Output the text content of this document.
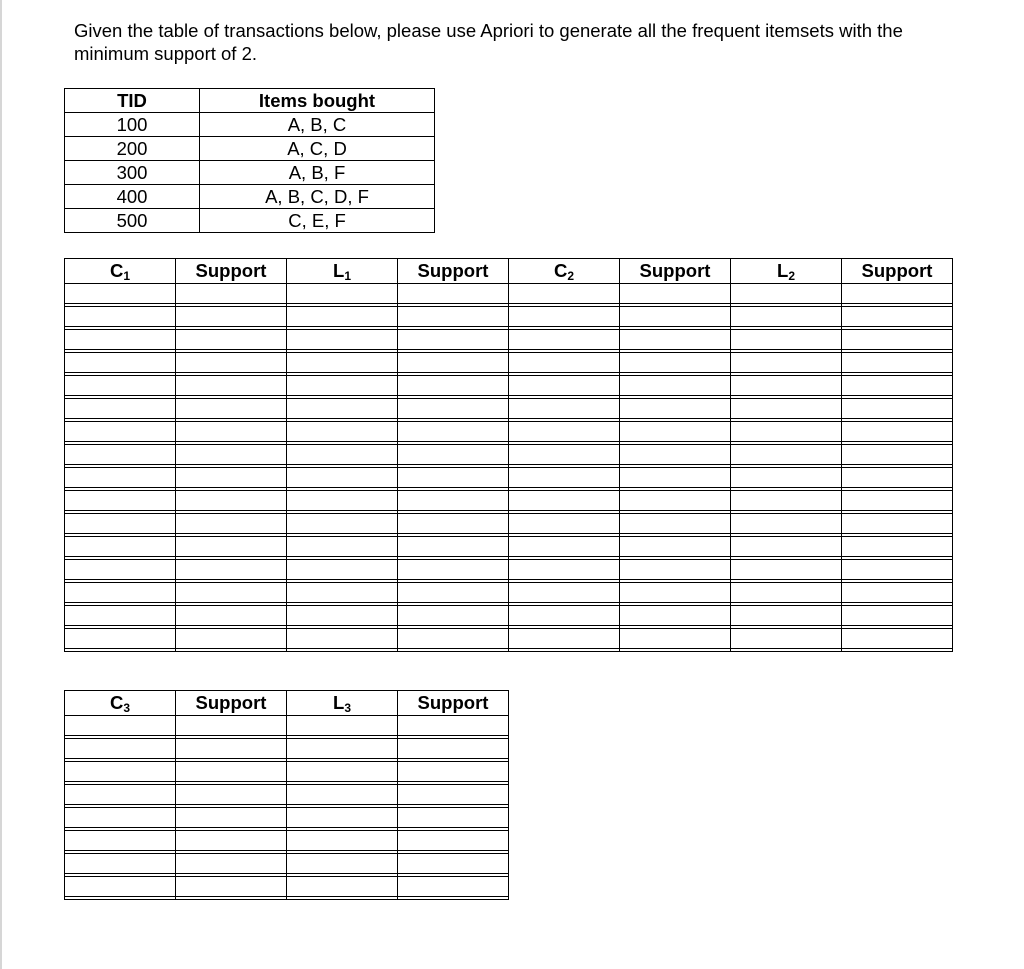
Given the table of transactions below, please use Apriori to generate all the frequent itemsets with the minimum support of 2.

TID	Items bought
100	A, B, C
200	A, C, D
300	A, B, F
400	A, B, C, D, F
500	C, E, F
$C_1$	Support	$L_1$	Support	$C_2$	Support	$L_2$	Support

$C_3$	Support	$L_3$	Support
